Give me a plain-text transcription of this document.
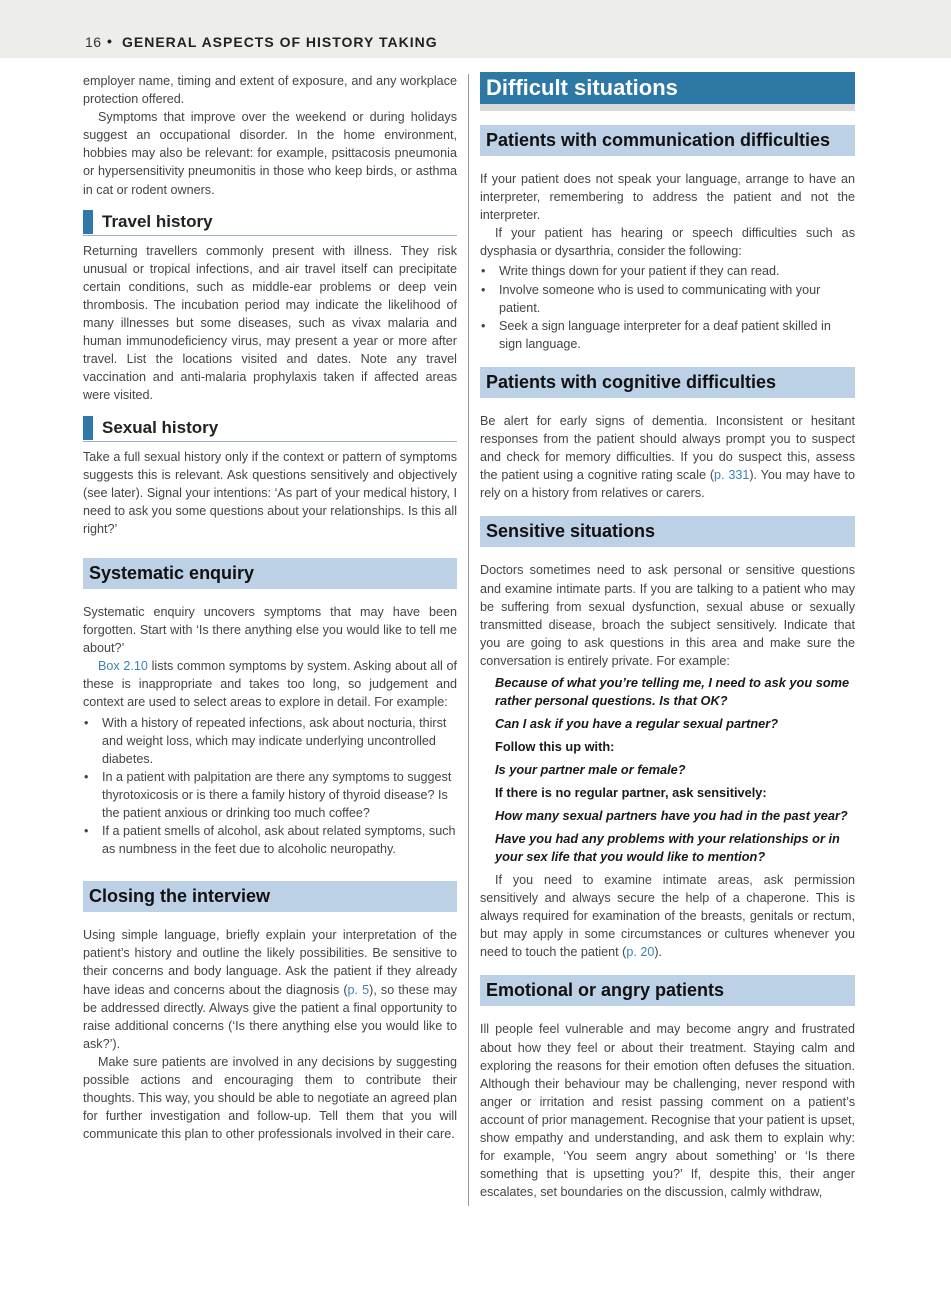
16
• GENERAL ASPECTS OF HISTORY TAKING

employer name, timing and extent of exposure, and any workplace protection offered.

Symptoms that improve over the weekend or during holidays suggest an occupational disorder. In the home environment, hobbies may also be relevant: for example, psittacosis pneumonia or hypersensitivity pneumonitis in those who keep birds, or asthma in cat or rodent owners.

Travel history

Returning travellers commonly present with illness. They risk unusual or tropical infections, and air travel itself can precipitate certain conditions, such as middle-ear problems or deep vein thrombosis. The incubation period may indicate the likelihood of many illnesses but some diseases, such as vivax malaria and human immunodeficiency virus, may present a year or more after travel. List the locations visited and dates. Note any travel vaccination and anti-malaria prophylaxis taken if affected areas were visited.

Sexual history

Take a full sexual history only if the context or pattern of symptoms suggests this is relevant. Ask questions sensitively and objectively (see later). Signal your intentions: ‘As part of your medical history, I need to ask you some questions about your relationships. Is this all right?’

Systematic enquiry

Systematic enquiry uncovers symptoms that may have been forgotten. Start with ‘Is there anything else you would like to tell me about?’

Box 2.10 lists common symptoms by system. Asking about all of these is inappropriate and takes too long, so judgement and context are used to select areas to explore in detail. For example:

• With a history of repeated infections, ask about nocturia, thirst and weight loss, which may indicate underlying uncontrolled diabetes.
• In a patient with palpitation are there any symptoms to suggest thyrotoxicosis or is there a family history of thyroid disease? Is the patient anxious or drinking too much coffee?
• If a patient smells of alcohol, ask about related symptoms, such as numbness in the feet due to alcoholic neuropathy.
Closing the interview

Using simple language, briefly explain your interpretation of the patient’s history and outline the likely possibilities. Be sensitive to their concerns and body language. Ask the patient if they already have ideas and concerns about the diagnosis (p. 5), so these may be addressed directly. Always give the patient a final opportunity to raise additional concerns (‘Is there anything else you would like to ask?’).

Make sure patients are involved in any decisions by suggesting possible actions and encouraging them to contribute their thoughts. This way, you should be able to negotiate an agreed plan for further investigation and follow-up. Tell them that you will communicate this plan to other professionals involved in their care.

Difficult situations
Patients with communication difficulties

If your patient does not speak your language, arrange to have an interpreter, remembering to address the patient and not the interpreter.

If your patient has hearing or speech difficulties such as dysphasia or dysarthria, consider the following:

• Write things down for your patient if they can read.
• Involve someone who is used to communicating with your patient.
• Seek a sign language interpreter for a deaf patient skilled in sign language.
Patients with cognitive difficulties

Be alert for early signs of dementia. Inconsistent or hesitant responses from the patient should always prompt you to suspect and check for memory difficulties. If you do suspect this, assess the patient using a cognitive rating scale (p. 331). You may have to rely on a history from relatives or carers.

Sensitive situations

Doctors sometimes need to ask personal or sensitive questions and examine intimate parts. If you are talking to a patient who may be suffering from sexual dysfunction, sexual abuse or sexually transmitted disease, broach the subject sensitively. Indicate that you are going to ask questions in this area and make sure the conversation is entirely private. For example:

Because of what you’re telling me, I need to ask you some rather personal questions. Is that OK?
Can I ask if you have a regular sexual partner?
Follow this up with:
Is your partner male or female?
If there is no regular partner, ask sensitively:
How many sexual partners have you had in the past year?
Have you had any problems with your relationships or in your sex life that you would like to mention?

If you need to examine intimate areas, ask permission sensitively and always secure the help of a chaperone. This is always required for examination of the breasts, genitals or rectum, but may apply in some circumstances or cultures whenever you need to touch the patient (p. 20).

Emotional or angry patients

Ill people feel vulnerable and may become angry and frustrated about how they feel or about their treatment. Staying calm and exploring the reasons for their emotion often defuses the situation. Although their behaviour may be challenging, never respond with anger or irritation and resist passing comment on a patient’s account of prior management. Recognise that your patient is upset, show empathy and understanding, and ask them to explain why: for example, ‘You seem angry about something’ or ‘Is there something that is upsetting you?’ If, despite this, their anger escalates, set boundaries on the discussion, calmly withdraw,
